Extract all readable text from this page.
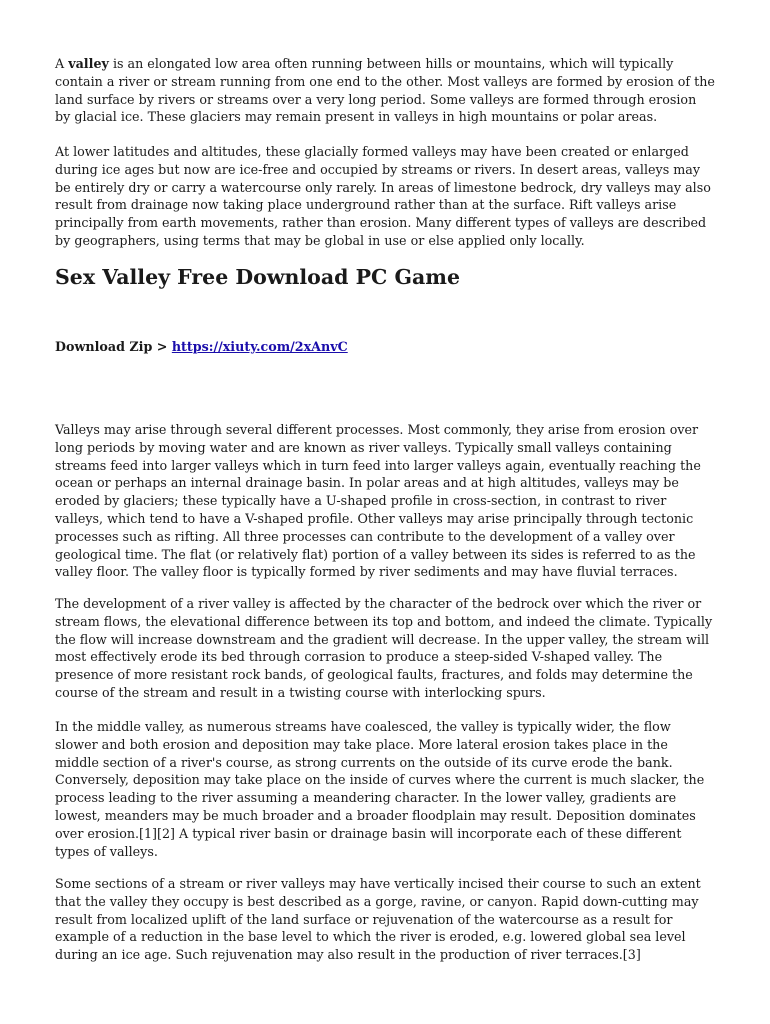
A valley is an elongated low area often running between hills or mountains, which will typically contain a river or stream running from one end to the other. Most valleys are formed by erosion of the land surface by rivers or streams over a very long period. Some valleys are formed through erosion by glacial ice. These glaciers may remain present in valleys in high mountains or polar areas.

At lower latitudes and altitudes, these glacially formed valleys may have been created or enlarged during ice ages but now are ice-free and occupied by streams or rivers. In desert areas, valleys may be entirely dry or carry a watercourse only rarely. In areas of limestone bedrock, dry valleys may also result from drainage now taking place underground rather than at the surface. Rift valleys arise principally from earth movements, rather than erosion. Many different types of valleys are described by geographers, using terms that may be global in use or else applied only locally.

Sex Valley Free Download PC Game

Download Zip > https://xiuty.com/2xAnvC

Valleys may arise through several different processes. Most commonly, they arise from erosion over long periods by moving water and are known as river valleys. Typically small valleys containing streams feed into larger valleys which in turn feed into larger valleys again, eventually reaching the ocean or perhaps an internal drainage basin. In polar areas and at high altitudes, valleys may be eroded by glaciers; these typically have a U-shaped profile in cross-section, in contrast to river valleys, which tend to have a V-shaped profile. Other valleys may arise principally through tectonic processes such as rifting. All three processes can contribute to the development of a valley over geological time. The flat (or relatively flat) portion of a valley between its sides is referred to as the valley floor. The valley floor is typically formed by river sediments and may have fluvial terraces.

The development of a river valley is affected by the character of the bedrock over which the river or stream flows, the elevational difference between its top and bottom, and indeed the climate. Typically the flow will increase downstream and the gradient will decrease. In the upper valley, the stream will most effectively erode its bed through corrasion to produce a steep-sided V-shaped valley. The presence of more resistant rock bands, of geological faults, fractures, and folds may determine the course of the stream and result in a twisting course with interlocking spurs.

In the middle valley, as numerous streams have coalesced, the valley is typically wider, the flow slower and both erosion and deposition may take place. More lateral erosion takes place in the middle section of a river's course, as strong currents on the outside of its curve erode the bank. Conversely, deposition may take place on the inside of curves where the current is much slacker, the process leading to the river assuming a meandering character. In the lower valley, gradients are lowest, meanders may be much broader and a broader floodplain may result. Deposition dominates over erosion.[1][2] A typical river basin or drainage basin will incorporate each of these different types of valleys.

Some sections of a stream or river valleys may have vertically incised their course to such an extent that the valley they occupy is best described as a gorge, ravine, or canyon. Rapid down-cutting may result from localized uplift of the land surface or rejuvenation of the watercourse as a result for example of a reduction in the base level to which the river is eroded, e.g. lowered global sea level during an ice age. Such rejuvenation may also result in the production of river terraces.[3]
